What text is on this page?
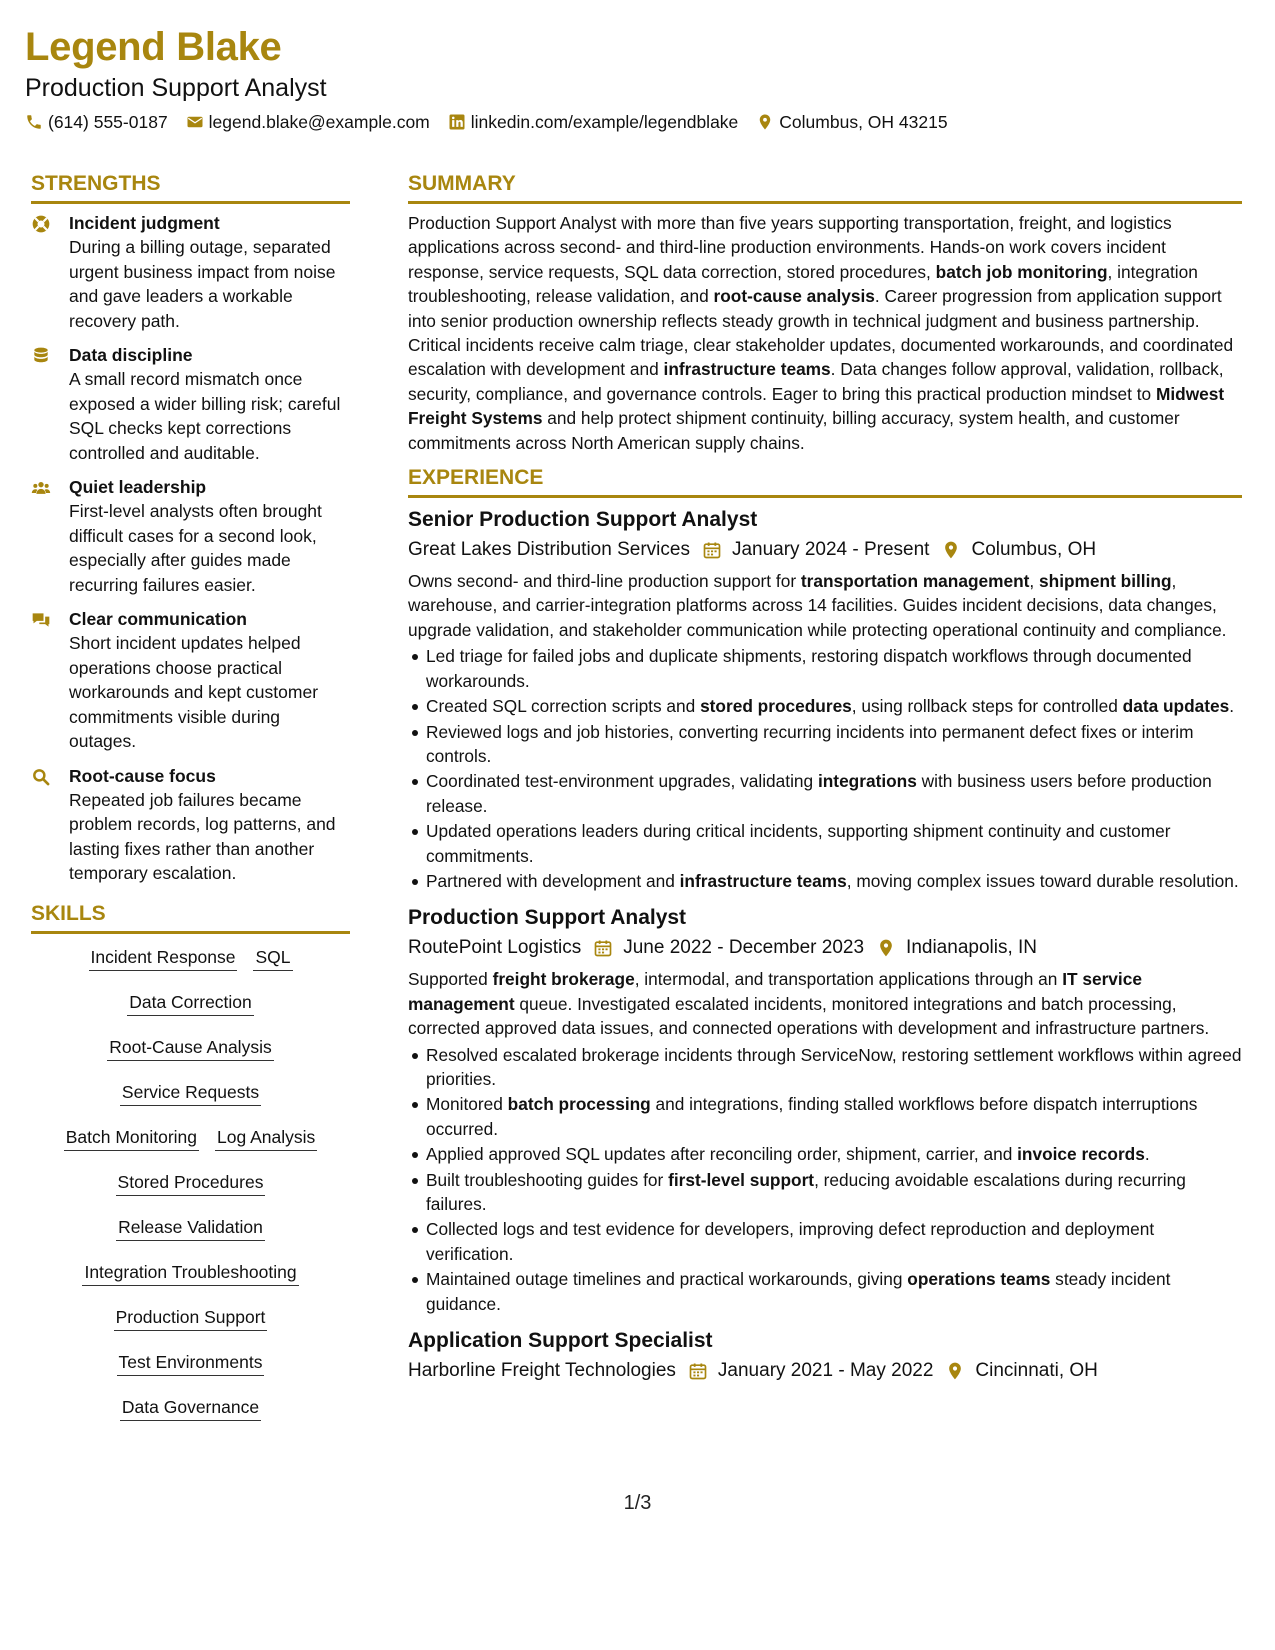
Legend Blake
Production Support Analyst
(614) 555-0187 legend.blake@example.com linkedin.com/example/legendblake Columbus, OH 43215
STRENGTHS
Incident judgment
During a billing outage, separated urgent business impact from noise and gave leaders a workable recovery path.
Data discipline
A small record mismatch once exposed a wider billing risk; careful SQL checks kept corrections controlled and auditable.
Quiet leadership
First-level analysts often brought difficult cases for a second look, especially after guides made recurring failures easier.
Clear communication
Short incident updates helped operations choose practical workarounds and kept customer commitments visible during outages.
Root-cause focus
Repeated job failures became problem records, log patterns, and lasting fixes rather than another temporary escalation.
SKILLS
Incident Response SQL
Data Correction
Root-Cause Analysis
Service Requests
Batch Monitoring Log Analysis
Stored Procedures
Release Validation
Integration Troubleshooting
Production Support
Test Environments
Data Governance
SUMMARY
Production Support Analyst with more than five years supporting transportation, freight, and logistics applications across second- and third-line production environments. Hands-on work covers incident response, service requests, SQL data correction, stored procedures, batch job monitoring, integration troubleshooting, release validation, and root-cause analysis. Career progression from application support into senior production ownership reflects steady growth in technical judgment and business partnership. Critical incidents receive calm triage, clear stakeholder updates, documented workarounds, and coordinated escalation with development and infrastructure teams. Data changes follow approval, validation, rollback, security, compliance, and governance controls. Eager to bring this practical production mindset to Midwest Freight Systems and help protect shipment continuity, billing accuracy, system health, and customer commitments across North American supply chains.
EXPERIENCE
Senior Production Support Analyst
Great Lakes Distribution Services January 2024 - Present Columbus, OH
Owns second- and third-line production support for transportation management, shipment billing, warehouse, and carrier-integration platforms across 14 facilities. Guides incident decisions, data changes, upgrade validation, and stakeholder communication while protecting operational continuity and compliance.
Led triage for failed jobs and duplicate shipments, restoring dispatch workflows through documented workarounds.
Created SQL correction scripts and stored procedures, using rollback steps for controlled data updates.
Reviewed logs and job histories, converting recurring incidents into permanent defect fixes or interim controls.
Coordinated test-environment upgrades, validating integrations with business users before production release.
Updated operations leaders during critical incidents, supporting shipment continuity and customer commitments.
Partnered with development and infrastructure teams, moving complex issues toward durable resolution.
Production Support Analyst
RoutePoint Logistics June 2022 - December 2023 Indianapolis, IN
Supported freight brokerage, intermodal, and transportation applications through an IT service management queue. Investigated escalated incidents, monitored integrations and batch processing, corrected approved data issues, and connected operations with development and infrastructure partners.
Resolved escalated brokerage incidents through ServiceNow, restoring settlement workflows within agreed priorities.
Monitored batch processing and integrations, finding stalled workflows before dispatch interruptions occurred.
Applied approved SQL updates after reconciling order, shipment, carrier, and invoice records.
Built troubleshooting guides for first-level support, reducing avoidable escalations during recurring failures.
Collected logs and test evidence for developers, improving defect reproduction and deployment verification.
Maintained outage timelines and practical workarounds, giving operations teams steady incident guidance.
Application Support Specialist
Harborline Freight Technologies January 2021 - May 2022 Cincinnati, OH
1/3
